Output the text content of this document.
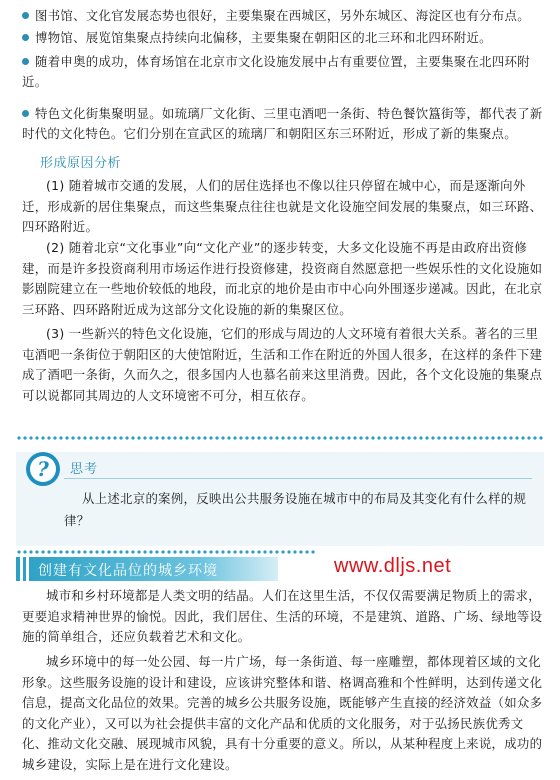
图书馆、文化官发展态势也很好，主要集聚在西城区，另外东城区、海淀区也有分布点。
博物馆、展览馆集聚点持续向北偏移，主要集聚在朝阳区的北三环和北四环附近。
随着申奥的成功，体育场馆在北京市文化设施发展中占有重要位置，主要集聚在北四环附近。
特色文化街集聚明显。如琉璃厂文化街、三里屯酒吧一条街、特色餐饮簋街等，都代表了新时代的文化特色。它们分别在宣武区的琉璃厂和朝阳区东三环附近，形成了新的集聚点。
形成原因分析
(1) 随着城市交通的发展，人们的居住选择也不像以往只停留在城中心，而是逐渐向外迁，形成新的居住集聚点，而这些集聚点往往也就是文化设施空间发展的集聚点，如三环路、四环路附近。
(2) 随着北京“文化事业”向“文化产业”的逐步转变，大多文化设施不再是由政府出资修建，而是许多投资商利用市场运作进行投资修建，投资商自然愿意把一些娱乐性的文化设施如影剧院建立在一些地价较低的地段，而北京的地价是由市中心向外围逐步递减。因此，在北京三环路、四环路附近成为这部分文化设施的新的集聚区位。
(3) 一些新兴的特色文化设施，它们的形成与周边的人文环境有着很大关系。著名的三里屯酒吧一条街位于朝阳区的大使馆附近，生活和工作在附近的外国人很多，在这样的条件下建成了酒吧一条街，久而久之，很多国内人也慕名前来这里消费。因此，各个文化设施的集聚点可以说都同其周边的人文环境密不可分，相互依存。
?	思考
从上述北京的案例，反映出公共服务设施在城市中的布局及其变化有什么样的规律？
创建有文化品位的城乡环境	www.dljs.net
城市和乡村环境都是人类文明的结晶。人们在这里生活，不仅仅需要满足物质上的需求，更要追求精神世界的愉悦。因此，我们居住、生活的环境，不是建筑、道路、广场、绿地等设施的简单组合，还应负载着艺术和文化。
城乡环境中的每一处公园、每一片广场，每一条街道、每一座雕塑，都体现着区域的文化形象。这些服务设施的设计和建设，应该讲究整体和谐、格调高雅和个性鲜明，达到传递文化信息，提高文化品位的效果。完善的城乡公共服务设施，既能够产生直接的经济效益（如众多的文化产业），又可以为社会提供丰富的文化产品和优质的文化服务，对于弘扬民族优秀文化、推动文化交融、展现城市风貌，具有十分重要的意义。所以，从某种程度上来说，成功的城乡建设，实际上是在进行文化建设。
